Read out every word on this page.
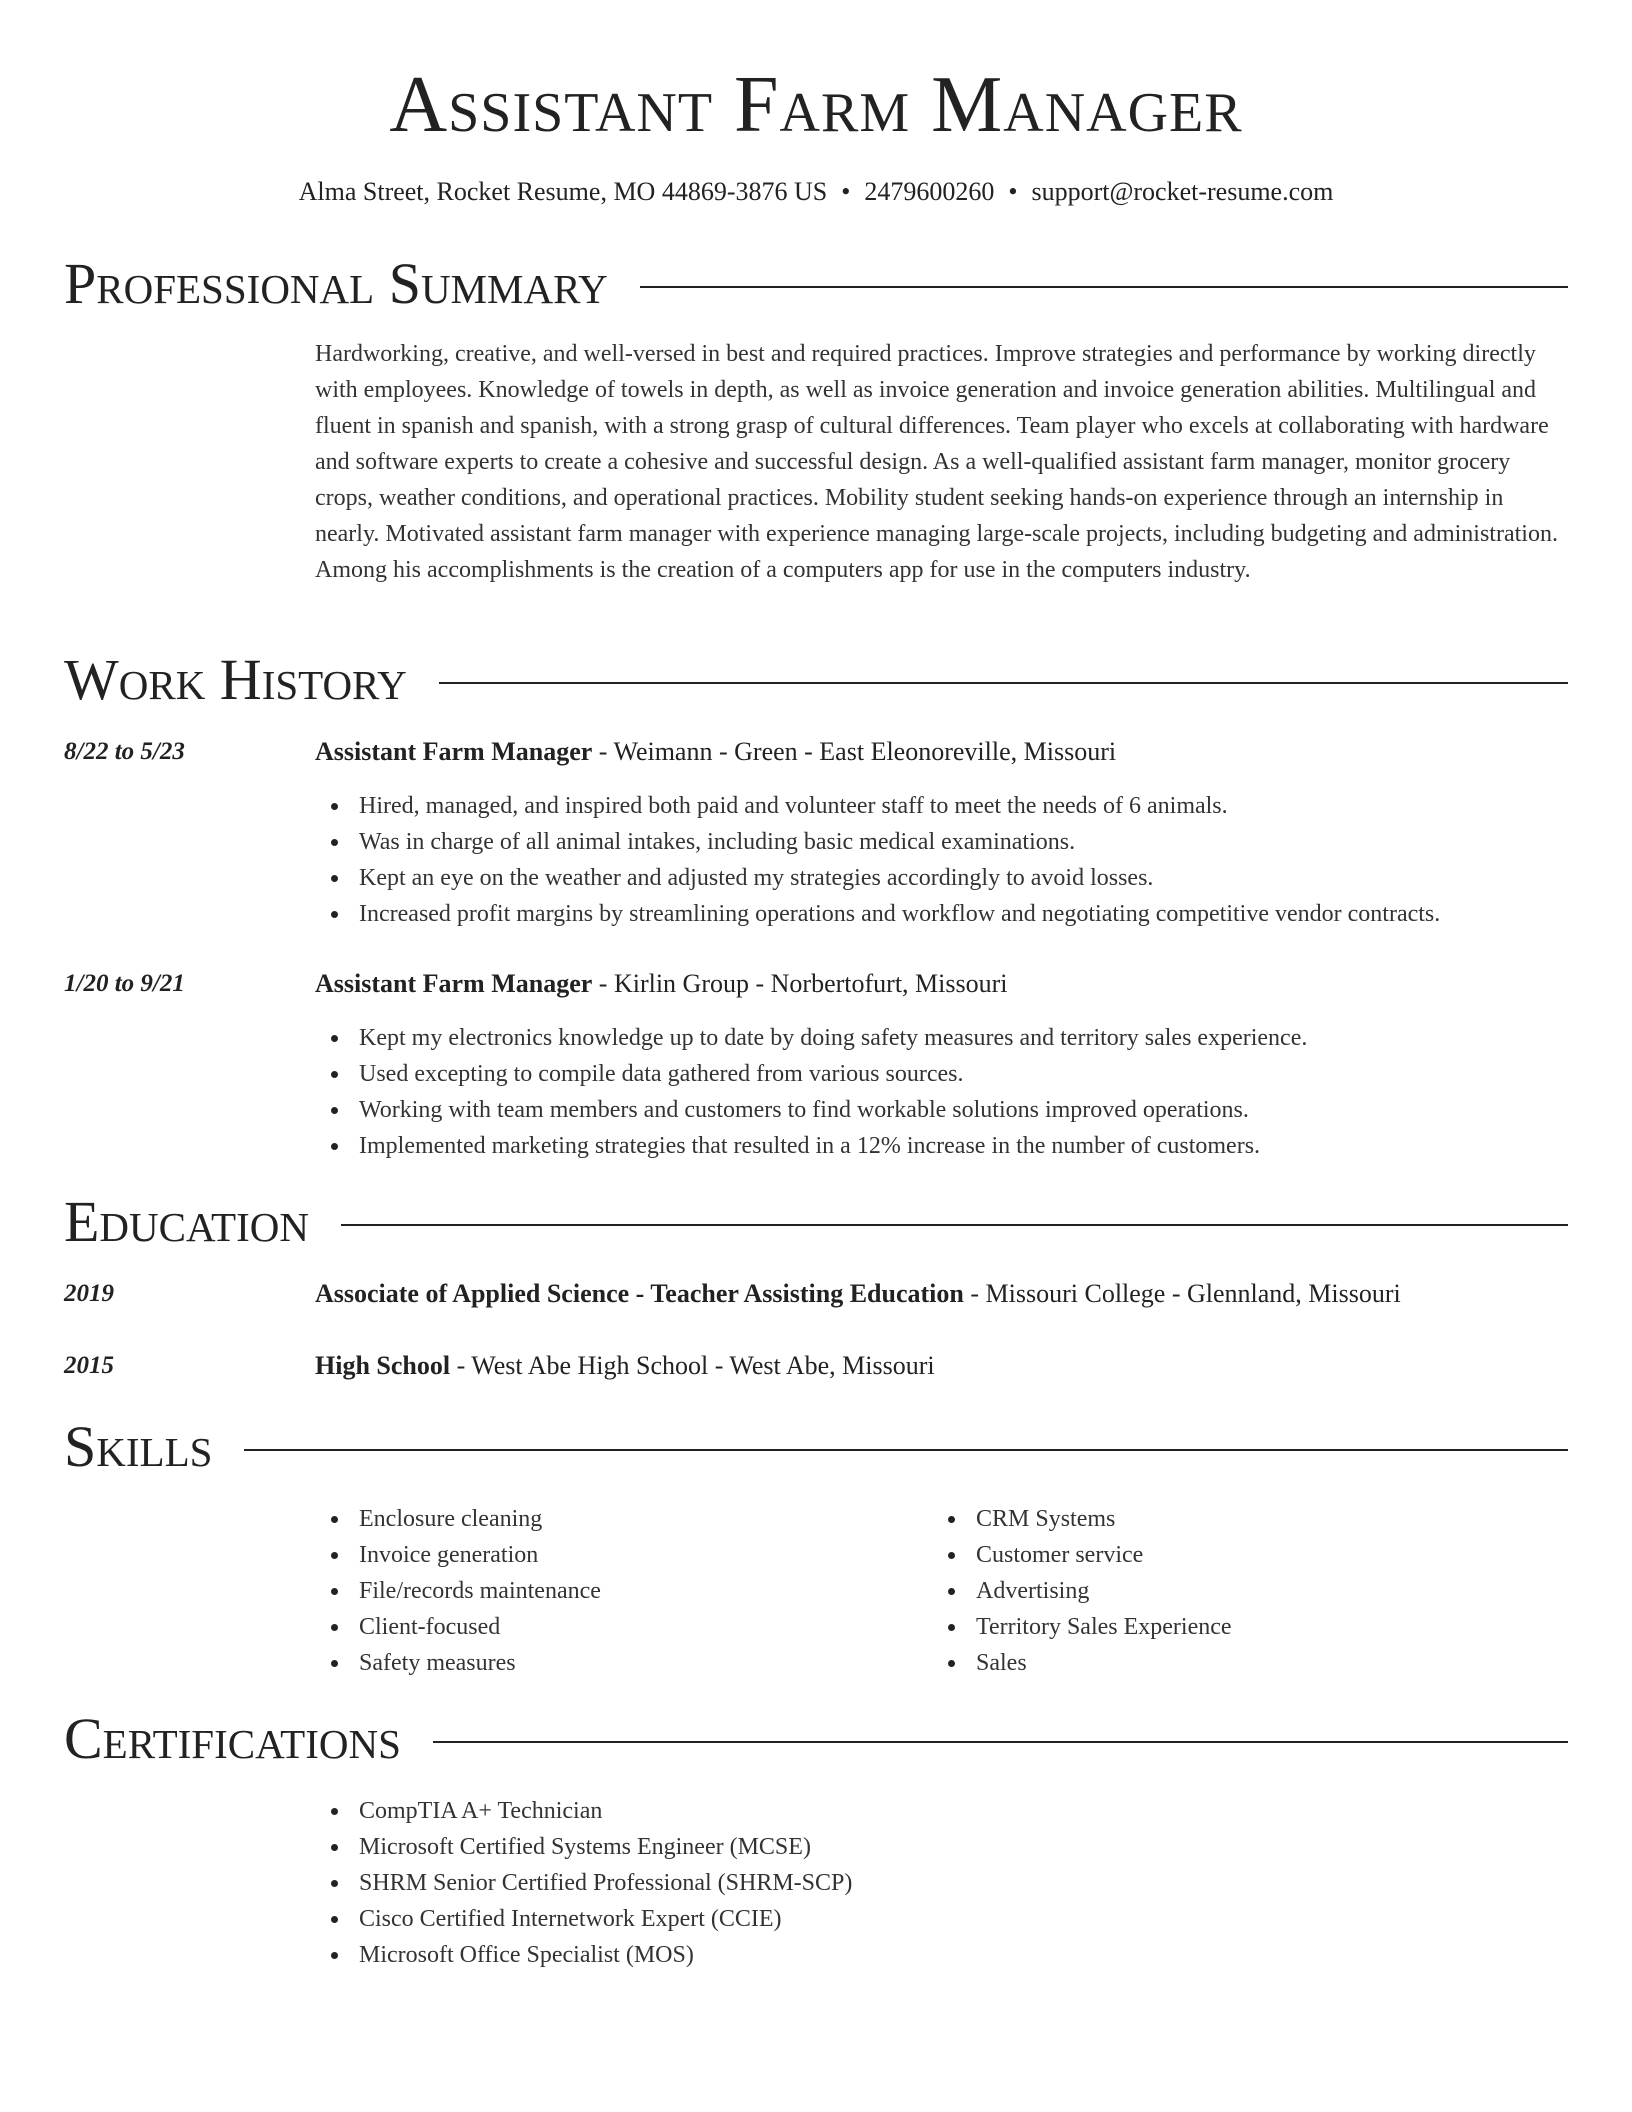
Assistant Farm Manager
Alma Street, Rocket Resume, MO 44869-3876 US • 2479600260 • support@rocket-resume.com
Professional Summary

Hardworking, creative, and well-versed in best and required practices. Improve strategies and performance by working directly with employees. Knowledge of towels in depth, as well as invoice generation and invoice generation abilities. Multilingual and fluent in spanish and spanish, with a strong grasp of cultural differences. Team player who excels at collaborating with hardware and software experts to create a cohesive and successful design. As a well-qualified assistant farm manager, monitor grocery crops, weather conditions, and operational practices. Mobility student seeking hands-on experience through an internship in nearly. Motivated assistant farm manager with experience managing large-scale projects, including budgeting and administration. Among his accomplishments is the creation of a computers app for use in the computers industry.

Work History
8/22 to 5/23	Assistant Farm Manager - Weimann - Green - East Eleonoreville, Missouri
Hired, managed, and inspired both paid and volunteer staff to meet the needs of 6 animals.
Was in charge of all animal intakes, including basic medical examinations.
Kept an eye on the weather and adjusted my strategies accordingly to avoid losses.
Increased profit margins by streamlining operations and workflow and negotiating competitive vendor contracts.
1/20 to 9/21	Assistant Farm Manager - Kirlin Group - Norbertofurt, Missouri
Kept my electronics knowledge up to date by doing safety measures and territory sales experience.
Used excepting to compile data gathered from various sources.
Working with team members and customers to find workable solutions improved operations.
Implemented marketing strategies that resulted in a 12% increase in the number of customers.
Education
2019	Associate of Applied Science - Teacher Assisting Education - Missouri College - Glennland, Missouri
2015	High School - West Abe High School - West Abe, Missouri
Skills
Enclosure cleaning
Invoice generation
File/records maintenance
Client-focused
Safety measures
CRM Systems
Customer service
Advertising
Territory Sales Experience
Sales
Certifications
CompTIA A+ Technician
Microsoft Certified Systems Engineer (MCSE)
SHRM Senior Certified Professional (SHRM-SCP)
Cisco Certified Internetwork Expert (CCIE)
Microsoft Office Specialist (MOS)
